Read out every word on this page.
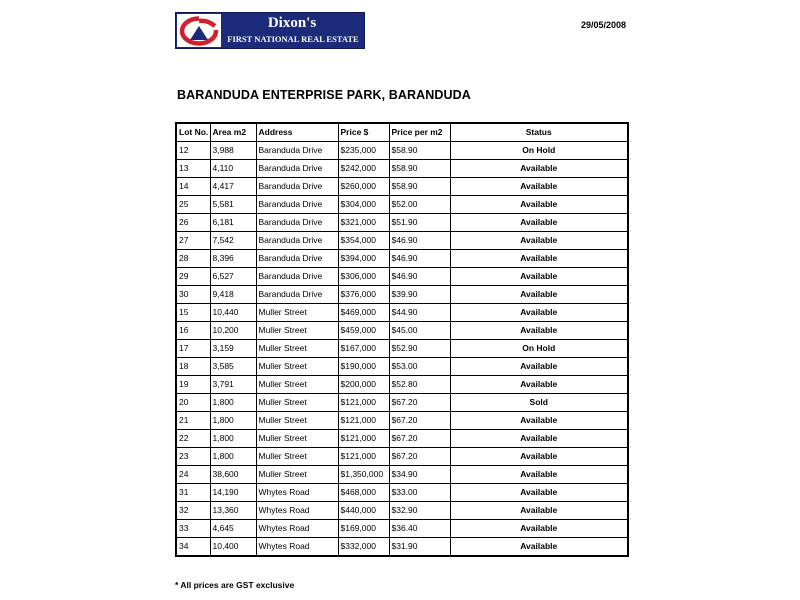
Dixon's
FIRST NATIONAL REAL ESTATE
29/05/2008
BARANDUDA ENTERPRISE PARK, BARANDUDA
Lot No.	Area m2	Address	Price $	Price per m2	Status
12	3,988	Baranduda Drive	$235,000	$58.90	On Hold
13	4,110	Baranduda Drive	$242,000	$58.90	Available
14	4,417	Baranduda Drive	$260,000	$58.90	Available
25	5,581	Baranduda Drive	$304,000	$52.00	Available
26	6,181	Baranduda Drive	$321,000	$51.90	Available
27	7,542	Baranduda Drive	$354,000	$46.90	Available
28	8,396	Baranduda Drive	$394,000	$46.90	Available
29	6,527	Baranduda Drive	$306,000	$46.90	Available
30	9,418	Baranduda Drive	$376,000	$39.90	Available
15	10,440	Muller Street	$469,000	$44.90	Available
16	10,200	Muller Street	$459,000	$45.00	Available
17	3,159	Muller Street	$167,000	$52.90	On Hold
18	3,585	Muller Street	$190,000	$53.00	Available
19	3,791	Muller Street	$200,000	$52.80	Available
20	1,800	Muller Street	$121,000	$67.20	Sold
21	1,800	Muller Street	$121,000	$67.20	Available
22	1,800	Muller Street	$121,000	$67.20	Available
23	1,800	Muller Street	$121,000	$67.20	Available
24	38,600	Muller Street	$1,350,000	$34.90	Available
31	14,190	Whytes Road	$468,000	$33.00	Available
32	13,360	Whytes Road	$440,000	$32.90	Available
33	4,645	Whytes Road	$169,000	$36.40	Available
34	10,400	Whytes Road	$332,000	$31.90	Available
* All prices are GST exclusive
